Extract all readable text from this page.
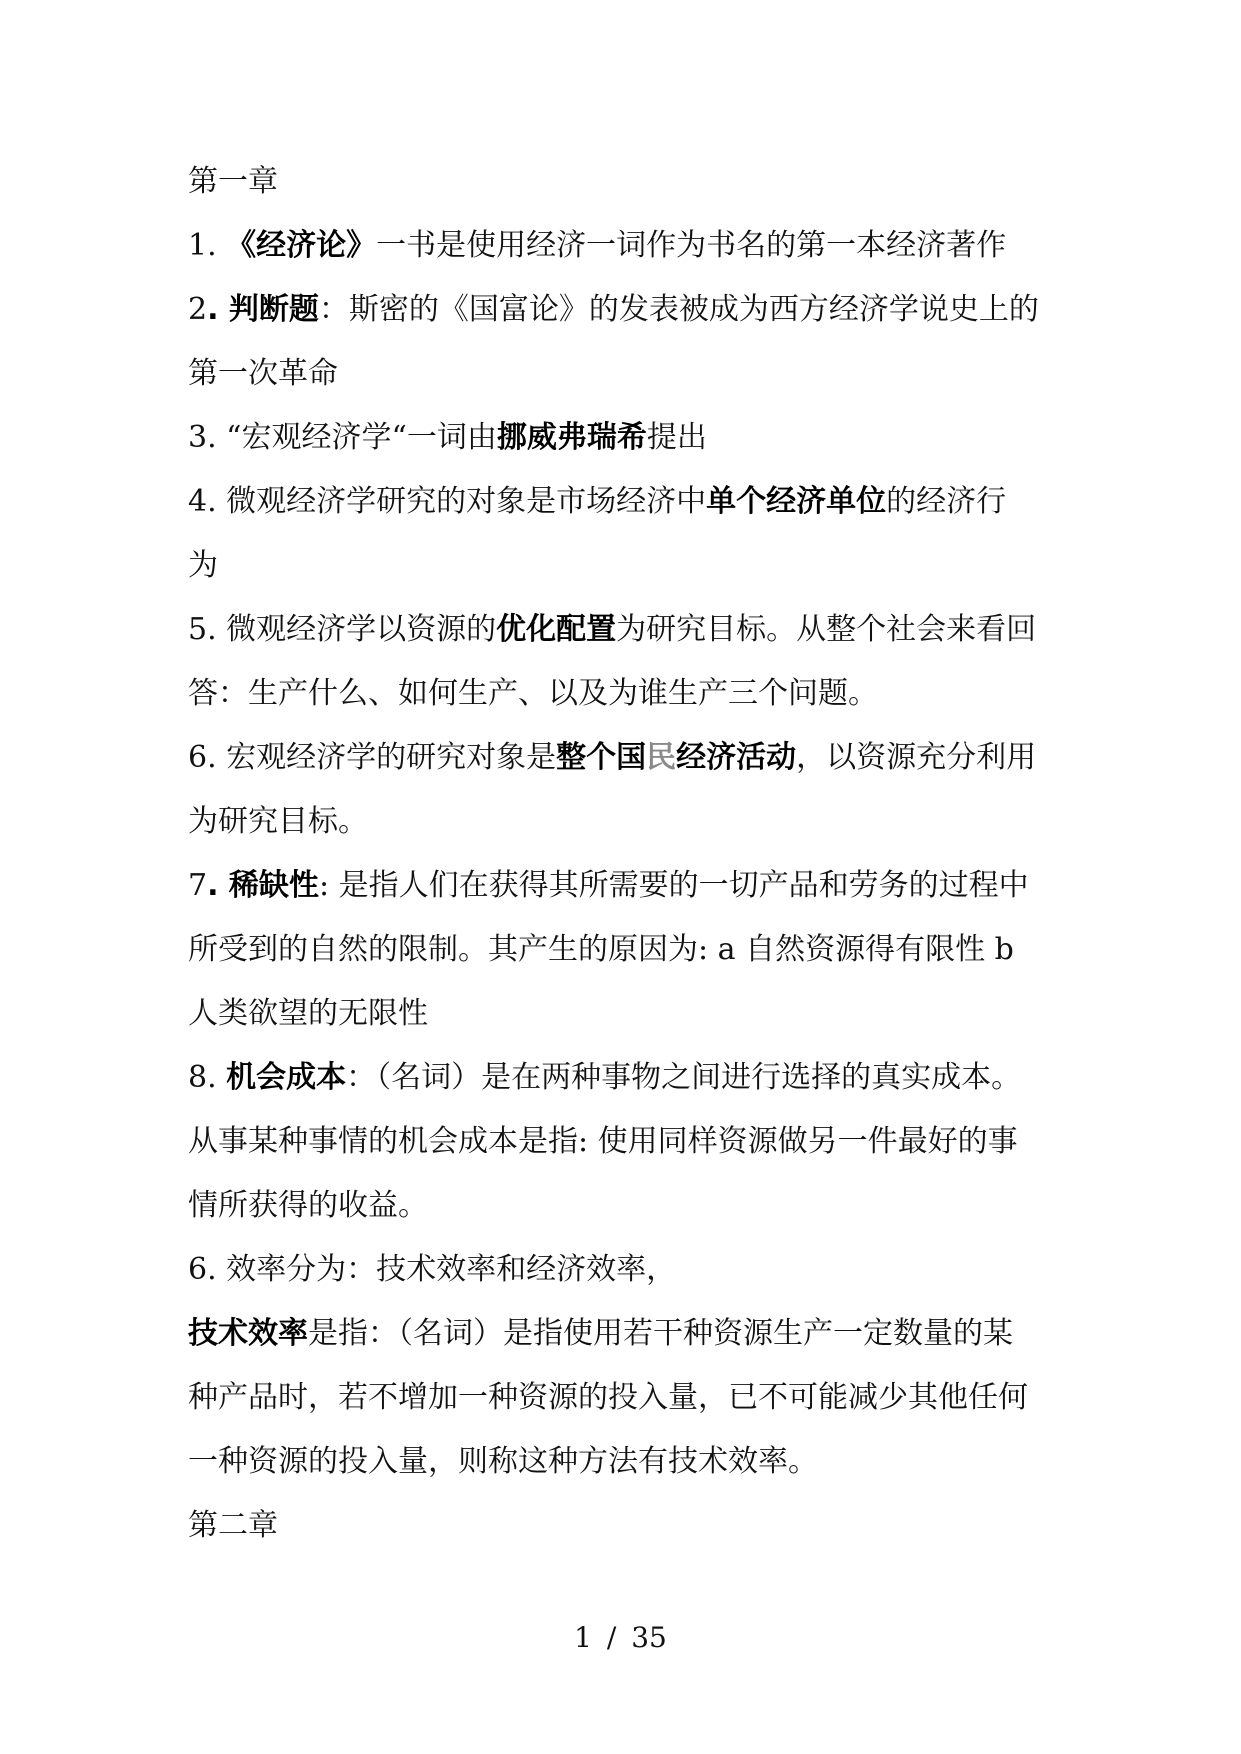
第一章

1. 《经济论》一书是使用经济一词作为书名的第一本经济著作

2. 判断题：斯密的《国富论》的发表被成为西方经济学说史上的

第一次革命

3. “宏观经济学“一词由挪威弗瑞希提出

4. 微观经济学研究的对象是市场经济中单个经济单位的经济行

为

5. 微观经济学以资源的优化配置为研究目标。从整个社会来看回

答：生产什么、如何生产、以及为谁生产三个问题。

6. 宏观经济学的研究对象是整个国民经济活动，以资源充分利用

为研究目标。

7. 稀缺性: 是指人们在获得其所需要的一切产品和劳务的过程中

所受到的自然的限制。其产生的原因为: a 自然资源得有限性 b

人类欲望的无限性

8. 机会成本：（名词）是在两种事物之间进行选择的真实成本。

从事某种事情的机会成本是指: 使用同样资源做另一件最好的事

情所获得的收益。

6. 效率分为：技术效率和经济效率，

技术效率是指：（名词）是指使用若干种资源生产一定数量的某

种产品时，若不增加一种资源的投入量，已不可能减少其他任何

一种资源的投入量，则称这种方法有技术效率。

第二章

1 / 35
